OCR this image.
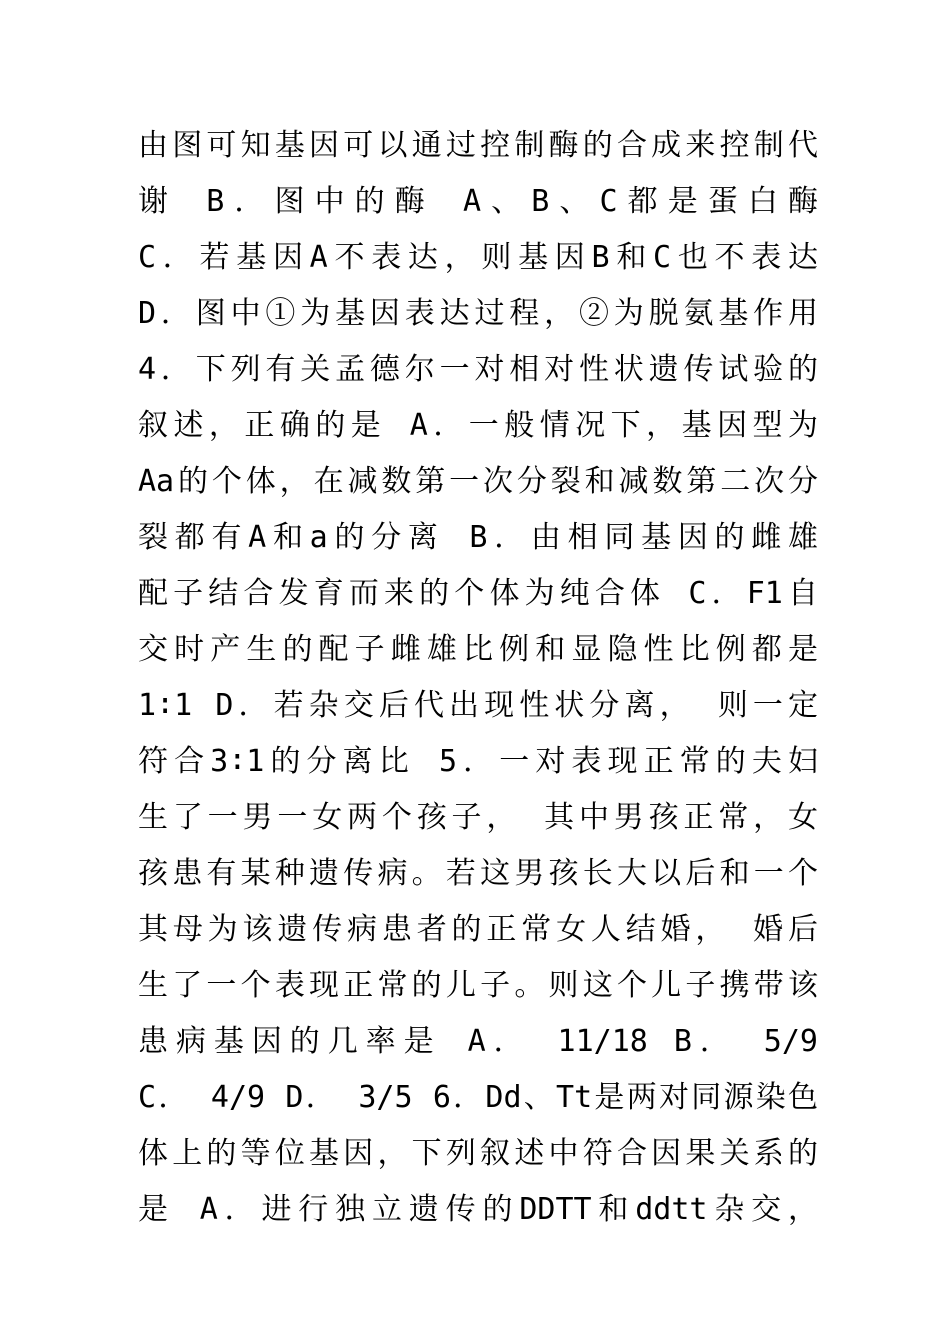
由图可知基因可以通过控制酶的合成来控制代
谢 B．图中的酶 A、B、C都是蛋白酶
C．若基因A不表达，则基因B和C也不表达
D．图中①为基因表达过程，②为脱氨基作用
4．下列有关孟德尔一对相对性状遗传试验的
叙述，正确的是 A．一般情况下，基因型为
Aa的个体，在减数第一次分裂和减数第二次分
裂都有A和a的分离 B．由相同基因的雌雄
配子结合发育而来的个体为纯合体 C．F1自
交时产生的配子雌雄比例和显隐性比例都是
1∶1 D．若杂交后代出现性状分离， 则一定
符合3∶1的分离比 5．一对表现正常的夫妇
生了一男一女两个孩子， 其中男孩正常，女
孩患有某种遗传病。若这男孩长大以后和一个
其母为该遗传病患者的正常女人结婚， 婚后
生了一个表现正常的儿子。则这个儿子携带该
患病基因的几率是 A． 11/18 B． 5/9
C． 4/9 D． 3/5 6．Dd、Tt是两对同源染色
体上的等位基因，下列叙述中符合因果关系的
是 A．进行独立遗传的DDTT和ddtt杂交，
